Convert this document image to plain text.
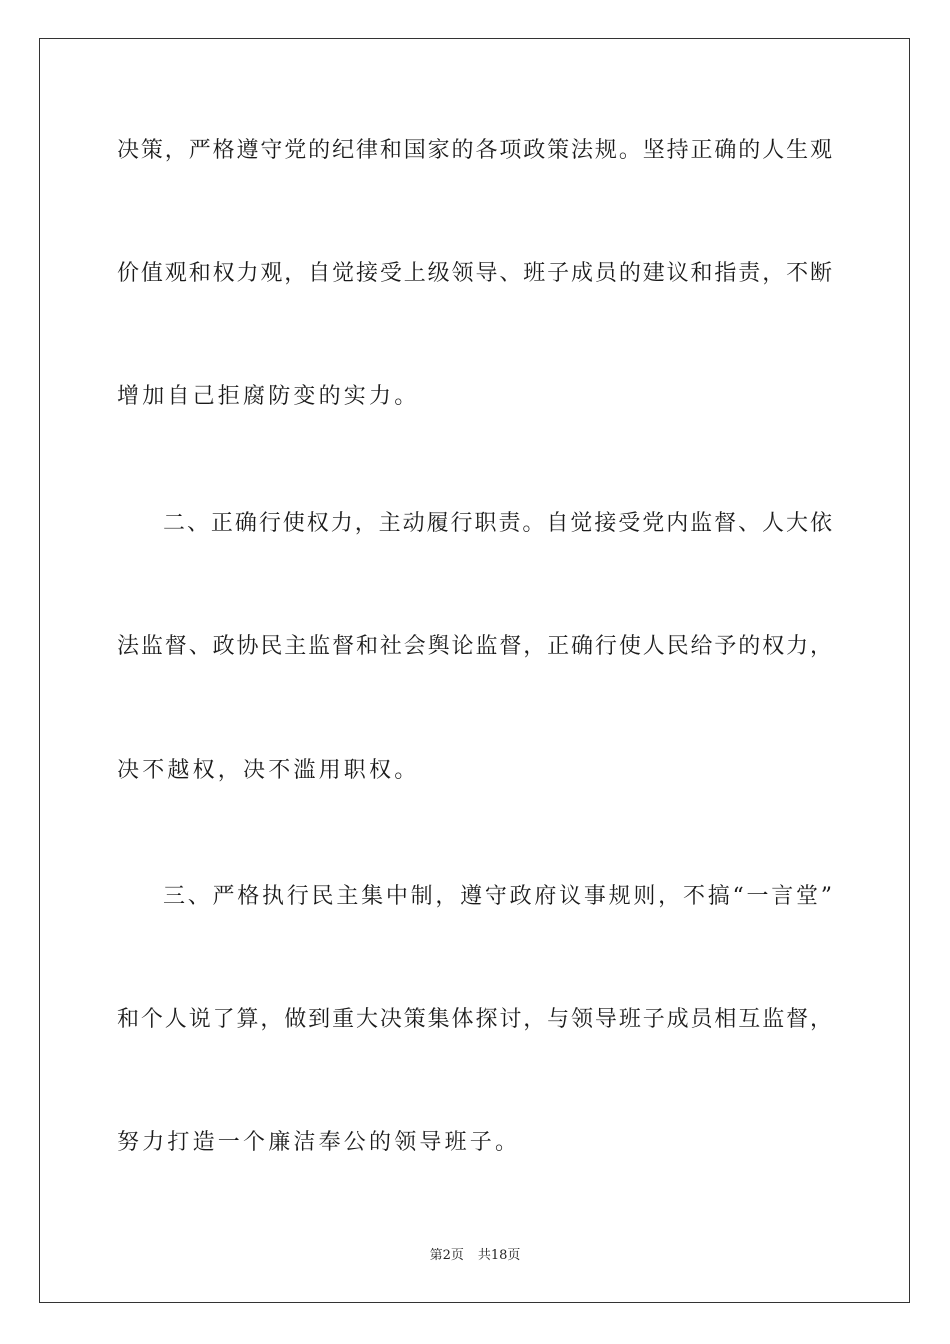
决策，严格遵守党的纪律和国家的各项政策法规。坚持正确的人生观
价值观和权力观，自觉接受上级领导、班子成员的建议和指责，不断
增加自己拒腐防变的实力。
二、正确行使权力，主动履行职责。自觉接受党内监督、人大依
法监督、政协民主监督和社会舆论监督，正确行使人民给予的权力，
决不越权，决不滥用职权。
三、严格执行民主集中制，遵守政府议事规则，不搞“一言堂”
和个人说了算，做到重大决策集体探讨，与领导班子成员相互监督，
努力打造一个廉洁奉公的领导班子。
第2页 共18页
